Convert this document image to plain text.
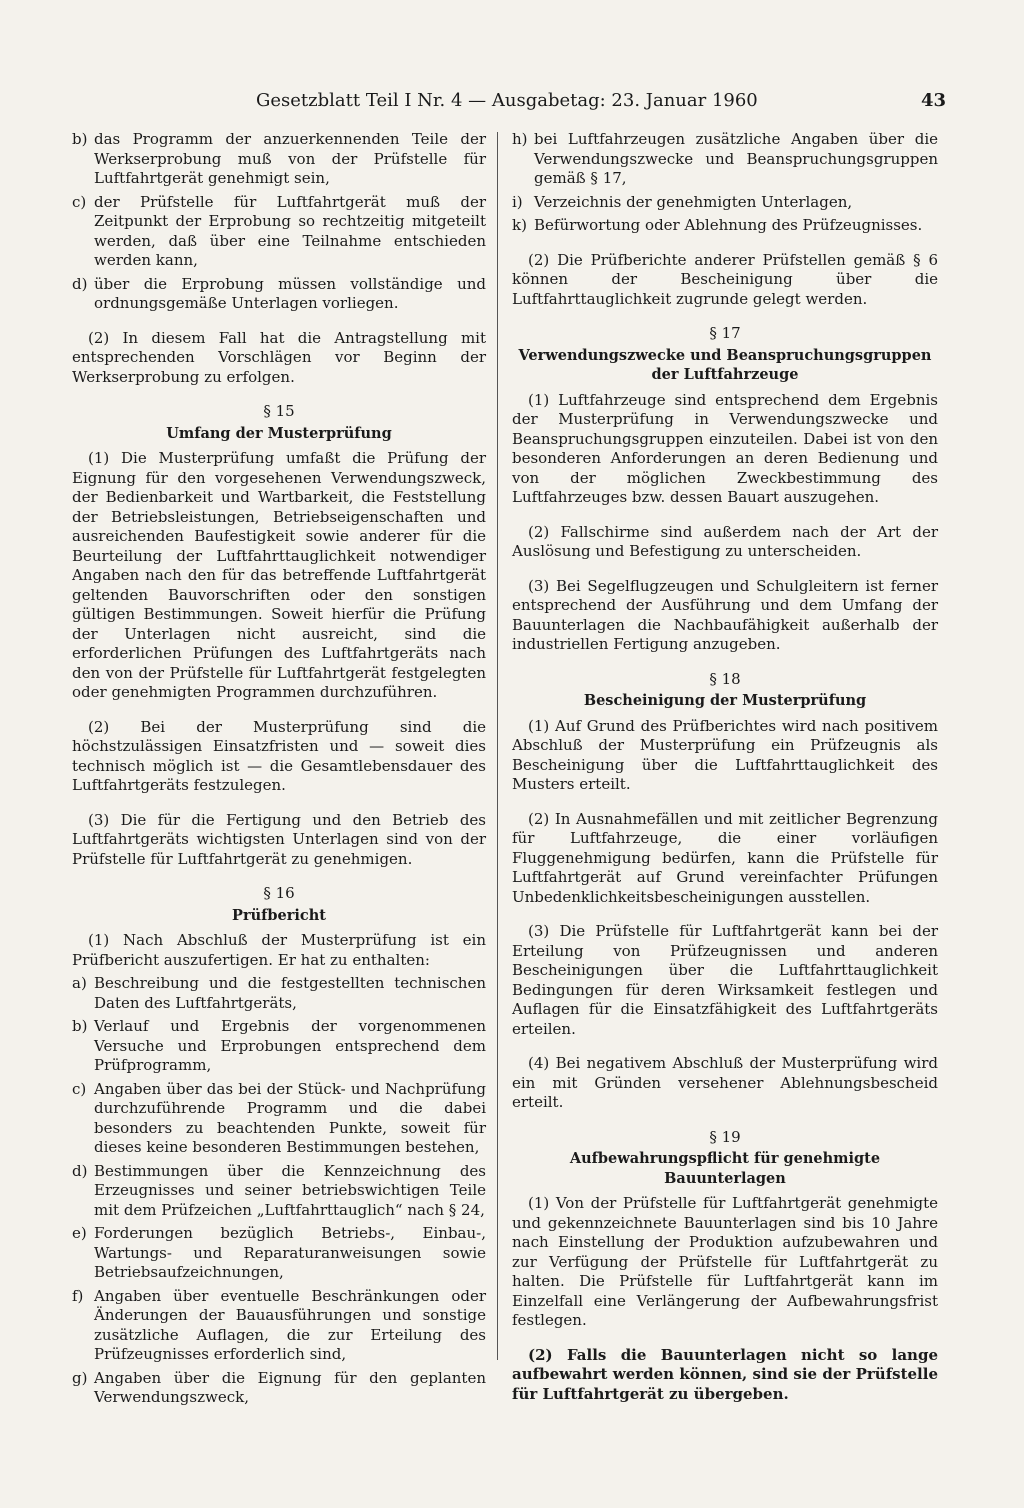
Gesetzblatt Teil I Nr. 4 — Ausgabetag: 23. Januar 1960	43
b) das Programm der anzuerkennenden Teile der Werkserprobung muß von der Prüfstelle für Luftfahrtgerät genehmigt sein,
c) der Prüfstelle für Luftfahrtgerät muß der Zeitpunkt der Erprobung so rechtzeitig mitgeteilt werden, daß über eine Teilnahme entschieden werden kann,
d) über die Erprobung müssen vollständige und ordnungsgemäße Unterlagen vorliegen.

(2) In diesem Fall hat die Antragstellung mit entsprechenden Vorschlägen vor Beginn der Werkserprobung zu erfolgen.

§ 15
Umfang der Musterprüfung

(1) Die Musterprüfung umfaßt die Prüfung der Eignung für den vorgesehenen Verwendungszweck, der Bedienbarkeit und Wartbarkeit, die Feststellung der Betriebsleistungen, Betriebseigenschaften und ausreichenden Baufestigkeit sowie anderer für die Beurteilung der Luftfahrttauglichkeit notwendiger Angaben nach den für das betreffende Luftfahrtgerät geltenden Bauvorschriften oder den sonstigen gültigen Bestimmungen. Soweit hierfür die Prüfung der Unterlagen nicht ausreicht, sind die erforderlichen Prüfungen des Luftfahrtgeräts nach den von der Prüfstelle für Luftfahrtgerät festgelegten oder genehmigten Programmen durchzuführen.

(2) Bei der Musterprüfung sind die höchstzulässigen Einsatzfristen und — soweit dies technisch möglich ist — die Gesamtlebensdauer des Luftfahrtgeräts festzulegen.

(3) Die für die Fertigung und den Betrieb des Luftfahrtgeräts wichtigsten Unterlagen sind von der Prüfstelle für Luftfahrtgerät zu genehmigen.

§ 16
Prüfbericht

(1) Nach Abschluß der Musterprüfung ist ein Prüfbericht auszufertigen. Er hat zu enthalten:

a) Beschreibung und die festgestellten technischen Daten des Luftfahrtgeräts,
b) Verlauf und Ergebnis der vorgenommenen Versuche und Erprobungen entsprechend dem Prüfprogramm,
c) Angaben über das bei der Stück- und Nachprüfung durchzuführende Programm und die dabei besonders zu beachtenden Punkte, soweit für dieses keine besonderen Bestimmungen bestehen,
d) Bestimmungen über die Kennzeichnung des Erzeugnisses und seiner betriebswichtigen Teile mit dem Prüfzeichen „Luftfahrttauglich“ nach § 24,
e) Forderungen bezüglich Betriebs-, Einbau-, Wartungs- und Reparaturanweisungen sowie Betriebsaufzeichnungen,
f) Angaben über eventuelle Beschränkungen oder Änderungen der Bauausführungen und sonstige zusätzliche Auflagen, die zur Erteilung des Prüfzeugnisses erforderlich sind,
g) Angaben über die Eignung für den geplanten Verwendungszweck,
h) bei Luftfahrzeugen zusätzliche Angaben über die Verwendungszwecke und Beanspruchungsgruppen gemäß § 17,
i) Verzeichnis der genehmigten Unterlagen,
k) Befürwortung oder Ablehnung des Prüfzeugnisses.

(2) Die Prüfberichte anderer Prüfstellen gemäß § 6 können der Bescheinigung über die Luftfahrttauglichkeit zugrunde gelegt werden.

§ 17
Verwendungszwecke und Beanspruchungsgruppen der Luftfahrzeuge

(1) Luftfahrzeuge sind entsprechend dem Ergebnis der Musterprüfung in Verwendungszwecke und Beanspruchungsgruppen einzuteilen. Dabei ist von den besonderen Anforderungen an deren Bedienung und von der möglichen Zweckbestimmung des Luftfahrzeuges bzw. dessen Bauart auszugehen.

(2) Fallschirme sind außerdem nach der Art der Auslösung und Befestigung zu unterscheiden.

(3) Bei Segelflugzeugen und Schulgleitern ist ferner entsprechend der Ausführung und dem Umfang der Bauunterlagen die Nachbaufähigkeit außerhalb der industriellen Fertigung anzugeben.

§ 18
Bescheinigung der Musterprüfung

(1) Auf Grund des Prüfberichtes wird nach positivem Abschluß der Musterprüfung ein Prüfzeugnis als Bescheinigung über die Luftfahrttauglichkeit des Musters erteilt.

(2) In Ausnahmefällen und mit zeitlicher Begrenzung für Luftfahrzeuge, die einer vorläufigen Fluggenehmigung bedürfen, kann die Prüfstelle für Luftfahrtgerät auf Grund vereinfachter Prüfungen Unbedenklichkeitsbescheinigungen ausstellen.

(3) Die Prüfstelle für Luftfahrtgerät kann bei der Erteilung von Prüfzeugnissen und anderen Bescheinigungen über die Luftfahrttauglichkeit Bedingungen für deren Wirksamkeit festlegen und Auflagen für die Einsatzfähigkeit des Luftfahrtgeräts erteilen.

(4) Bei negativem Abschluß der Musterprüfung wird ein mit Gründen versehener Ablehnungsbescheid erteilt.

§ 19
Aufbewahrungspflicht für genehmigte Bauunterlagen

(1) Von der Prüfstelle für Luftfahrtgerät genehmigte und gekennzeichnete Bauunterlagen sind bis 10 Jahre nach Einstellung der Produktion aufzubewahren und zur Verfügung der Prüfstelle für Luftfahrtgerät zu halten. Die Prüfstelle für Luftfahrtgerät kann im Einzelfall eine Verlängerung der Aufbewahrungsfrist festlegen.

(2) Falls die Bauunterlagen nicht so lange aufbewahrt werden können, sind sie der Prüfstelle für Luftfahrtgerät zu übergeben.
